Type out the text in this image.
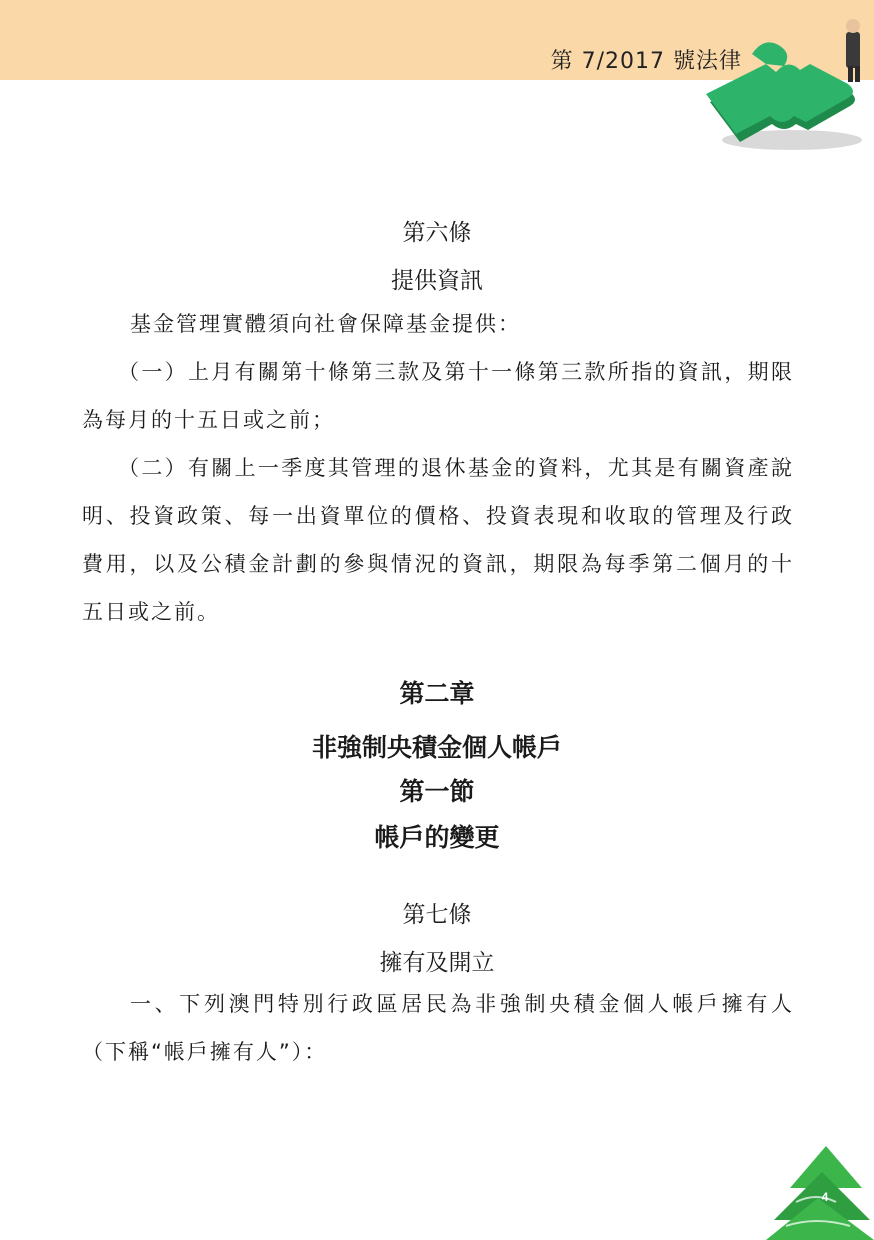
第 7/2017 號法律
第六條
提供資訊
基金管理實體須向社會保障基金提供：
（一）上月有關第十條第三款及第十一條第三款所指的資訊，期限為每月的十五日或之前；
（二）有關上一季度其管理的退休基金的資料，尤其是有關資產說明、投資政策、每一出資單位的價格、投資表現和收取的管理及行政費用，以及公積金計劃的參與情況的資訊，期限為每季第二個月的十五日或之前。
第二章
非強制央積金個人帳戶
第一節
帳戶的變更
第七條
擁有及開立
一、下列澳門特別行政區居民為非強制央積金個人帳戶擁有人（下稱“帳戶擁有人”）：
4
